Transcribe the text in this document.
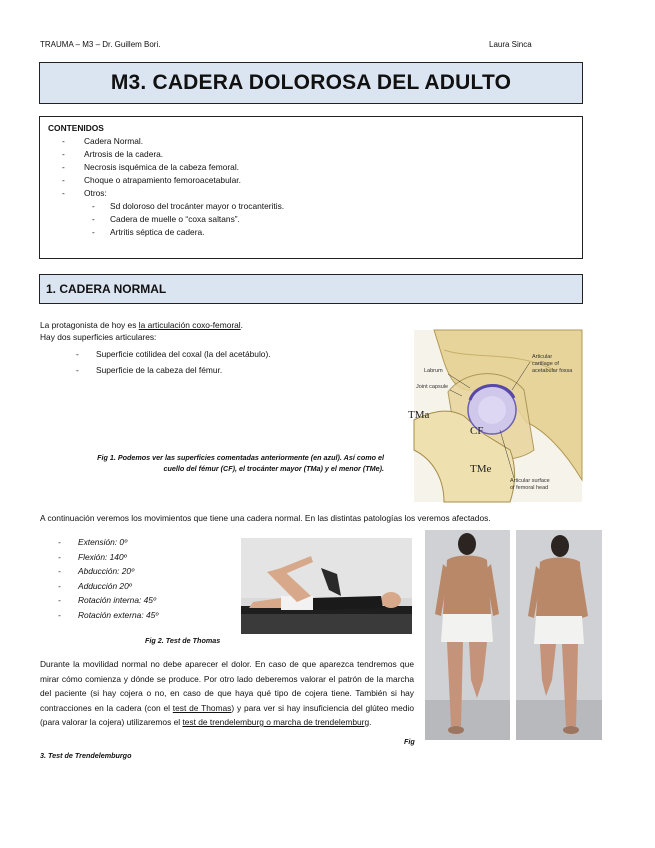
TRAUMA – M3 – Dr. Guillem Bori.	Laura Sinca
M3. CADERA DOLOROSA DEL ADULTO
CONTENIDOS
- Cadera Normal.
- Artrosis de la cadera.
- Necrosis isquémica de la cabeza femoral.
- Choque o atrapamiento femoroacetabular.
- Otros:
- Sd doloroso del trocánter mayor o trocanteritis.
- Cadera de muelle o “coxa saltans”.
- Artritis séptica de cadera.
1. CADERA NORMAL
La protagonista de hoy es la articulación coxo-femoral.
Hay dos superficies articulares:
- Superficie cotilidea del coxal (la del acetábulo).
- Superficie de la cabeza del fémur.
Fig 1. Podemos ver las superficies comentadas anteriormente (en azul). Así como el
cuello del fémur (CF), el trocánter mayor (TMa) y el menor (TMe).
Labrum
Joint capsule
Articular
cartilage of
acetabular fossa
Articular surface
of femoral head
TMa
CF
TMe
A continuación veremos los movimientos que tiene una cadera normal. En las distintas patologías los veremos afectados.
- Extensión: 0º
- Flexión: 140º
- Abducción: 20º
- Adducción 20º
- Rotación interna: 45º
- Rotación externa: 45º
Fig 2. Test de Thomas
Durante la movilidad normal no debe aparecer el dolor. En caso de que aparezca tendremos que mirar cómo comienza y dónde se produce. Por otro lado deberemos valorar el patrón de la marcha del paciente (si hay cojera o no, en caso de que haya qué tipo de cojera tiene. También si hay contracciones en la cadera (con el test de Thomas) y para ver si hay insuficiencia del glúteo medio (para valorar la cojera) utilizaremos el test de trendelemburg o marcha de trendelemburg.
Fig
3. Test de Trendelemburgo
